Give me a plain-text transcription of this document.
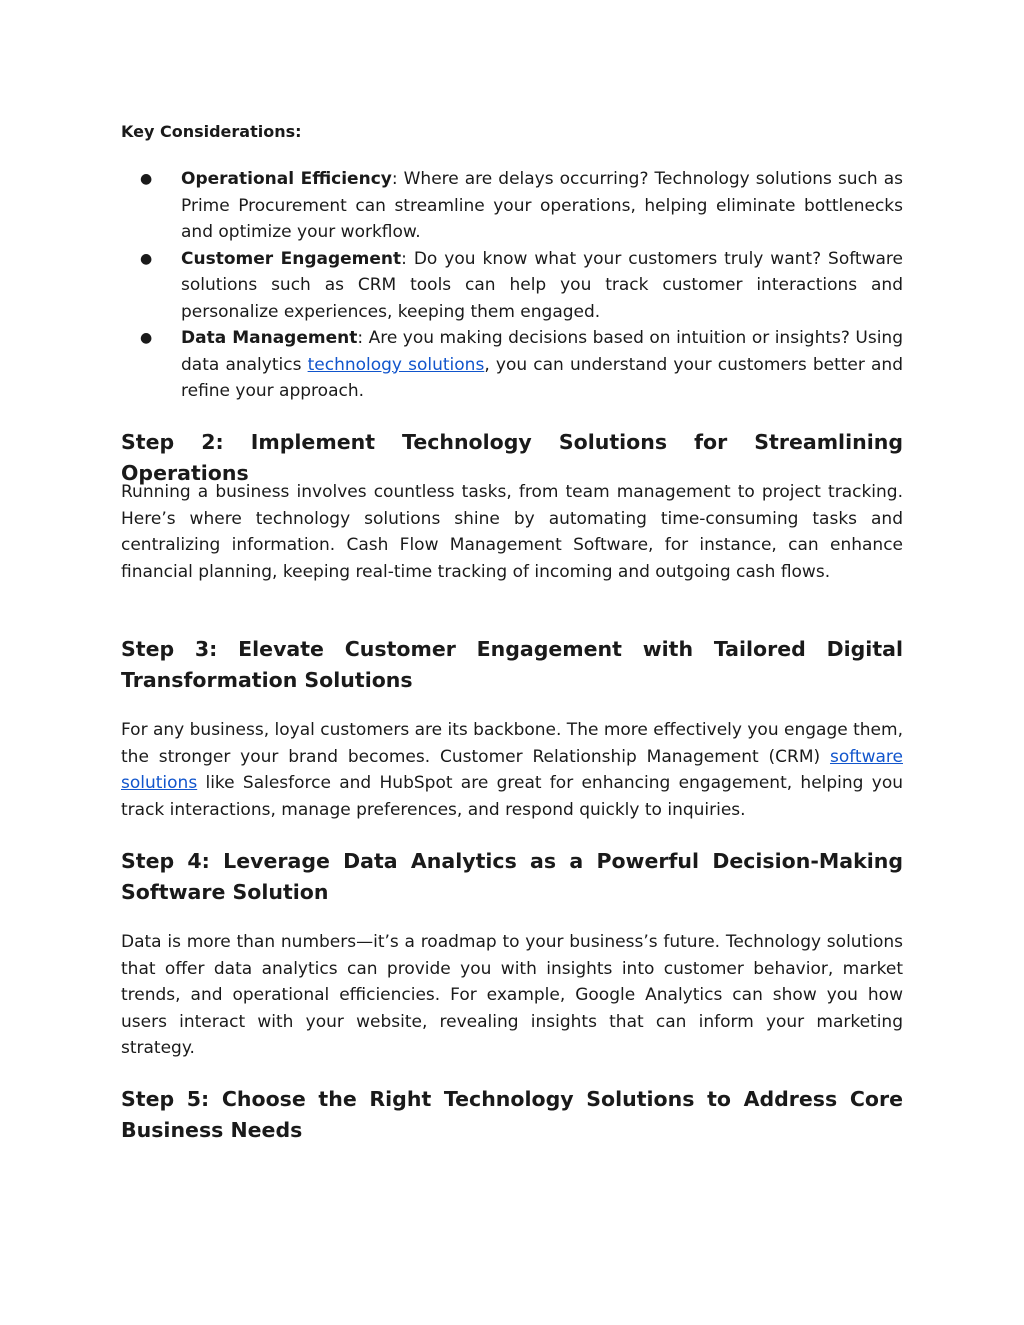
Key Considerations:
● Operational Efficiency: Where are delays occurring? Technology solutions such as Prime Procurement can streamline your operations, helping eliminate bottlenecks and optimize your workflow.
● Customer Engagement: Do you know what your customers truly want? Software solutions such as CRM tools can help you track customer interactions and personalize experiences, keeping them engaged.
● Data Management: Are you making decisions based on intuition or insights? Using data analytics technology solutions, you can understand your customers better and refine your approach.
Step 2: Implement Technology Solutions for Streamlining Operations

Running a business involves countless tasks, from team management to project tracking. Here’s where technology solutions shine by automating time-consuming tasks and centralizing information. Cash Flow Management Software, for instance, can enhance financial planning, keeping real-time tracking of incoming and outgoing cash flows.

Step 3: Elevate Customer Engagement with Tailored Digital Transformation Solutions

For any business, loyal customers are its backbone. The more effectively you engage them, the stronger your brand becomes. Customer Relationship Management (CRM) software solutions like Salesforce and HubSpot are great for enhancing engagement, helping you track interactions, manage preferences, and respond quickly to inquiries.

Step 4: Leverage Data Analytics as a Powerful Decision-Making Software Solution

Data is more than numbers—it’s a roadmap to your business’s future. Technology solutions that offer data analytics can provide you with insights into customer behavior, market trends, and operational efficiencies. For example, Google Analytics can show you how users interact with your website, revealing insights that can inform your marketing strategy.

Step 5: Choose the Right Technology Solutions to Address Core Business Needs
